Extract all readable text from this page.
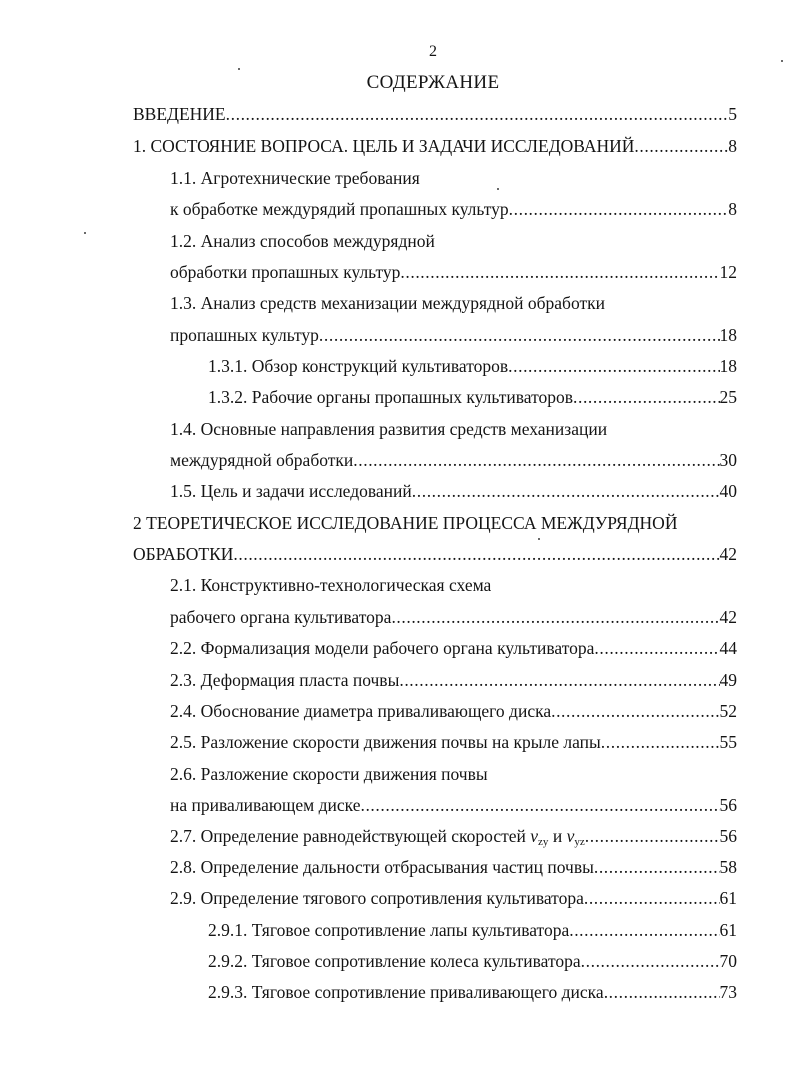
2
СОДЕРЖАНИЕ
ВВЕДЕНИЕ .....	5
1. СОСТОЯНИЕ ВОПРОСА. ЦЕЛЬ И ЗАДАЧИ ИССЛЕДОВАНИЙ .....	8
1.1. Агротехнические требования
к обработке междурядий пропашных культур .....	8
1.2. Анализ способов междурядной
обработки пропашных культур .....	12
1.3. Анализ средств механизации междурядной обработки
пропашных культур .....	18
1.3.1. Обзор конструкций культиваторов .....	18
1.3.2. Рабочие органы пропашных культиваторов .....	25
1.4. Основные направления развития средств механизации
междурядной обработки .....	30
1.5. Цель и задачи исследований .....	40
2 ТЕОРЕТИЧЕСКОЕ ИССЛЕДОВАНИЕ ПРОЦЕССА МЕЖДУРЯДНОЙ
ОБРАБОТКИ .....	42
2.1. Конструктивно-технологическая схема
рабочего органа культиватора .....	42
2.2. Формализация модели рабочего органа культиватора .....	44
2.3. Деформация пласта почвы .....	49
2.4. Обоснование диаметра приваливающего диска .....	52
2.5. Разложение скорости движения почвы на крыле лапы .....	55
2.6. Разложение скорости движения почвы
на приваливающем диске .....	56
2.7. Определение равнодействующей скоростей $v_{zy}$ и $v_{yz}$ .....	56
2.8. Определение дальности отбрасывания частиц почвы .....	58
2.9. Определение тягового сопротивления культиватора .....	61
2.9.1. Тяговое сопротивление лапы культиватора .....	61
2.9.2. Тяговое сопротивление колеса культиватора .....	70
2.9.3. Тяговое сопротивление приваливающего диска .....	73
